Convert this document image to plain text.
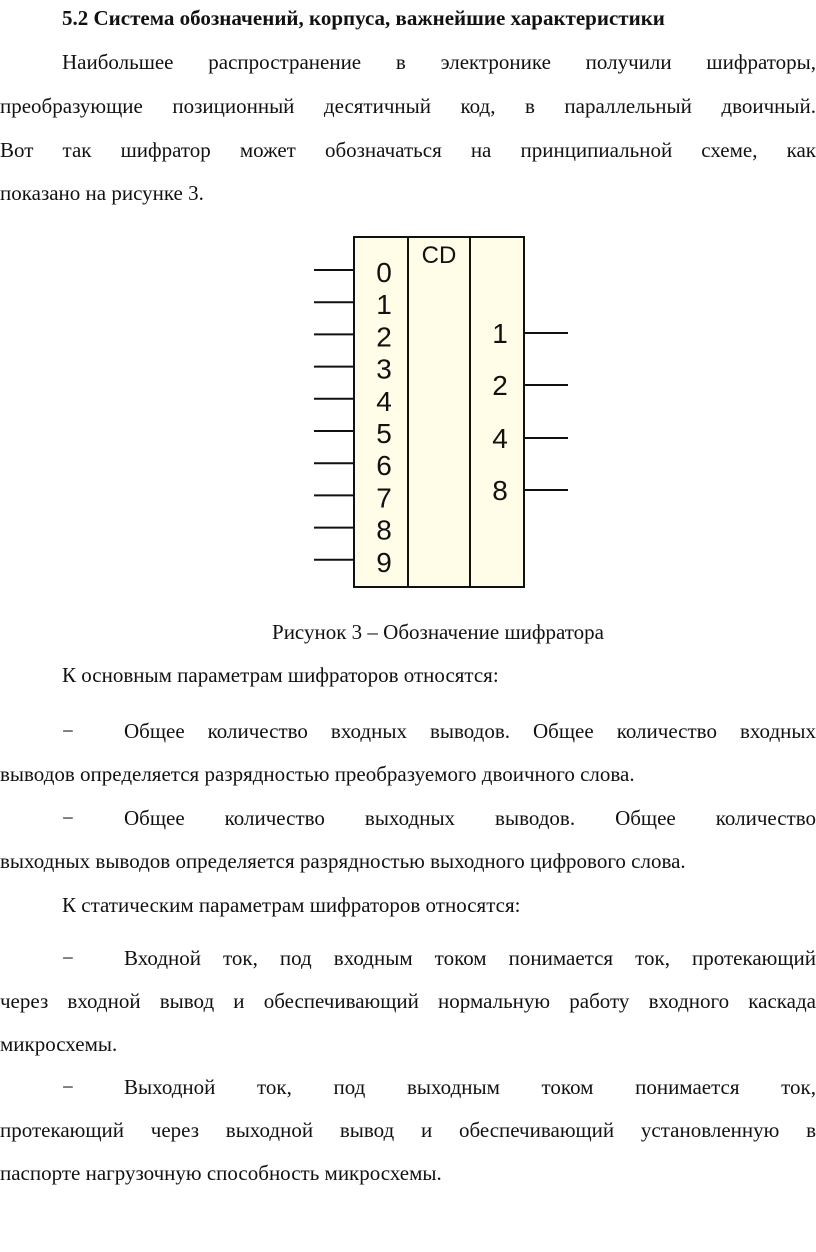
5.2 Система обозначений, корпуса, важнейшие характеристики
Наибольшее распространение в электронике получили шифраторы,
преобразующие позиционный десятичный код, в параллельный двоичный.
Вот так шифратор может обозначаться на принципиальной схеме, как
показано на рисунке 3.
CD
0
1
2
3
4
5
6
7
8
9
1
2
4
8
Рисунок 3 – Обозначение шифратора
К основным параметрам шифраторов относятся:
− Общее количество входных выводов. Общее количество входных
выводов определяется разрядностью преобразуемого двоичного слова.
− Общее количество выходных выводов. Общее количество
выходных выводов определяется разрядностью выходного цифрового слова.
К статическим параметрам шифраторов относятся:
− Входной ток, под входным током понимается ток, протекающий
через входной вывод и обеспечивающий нормальную работу входного каскада
микросхемы.
− Выходной ток, под выходным током понимается ток,
протекающий через выходной вывод и обеспечивающий установленную в
паспорте нагрузочную способность микросхемы.
